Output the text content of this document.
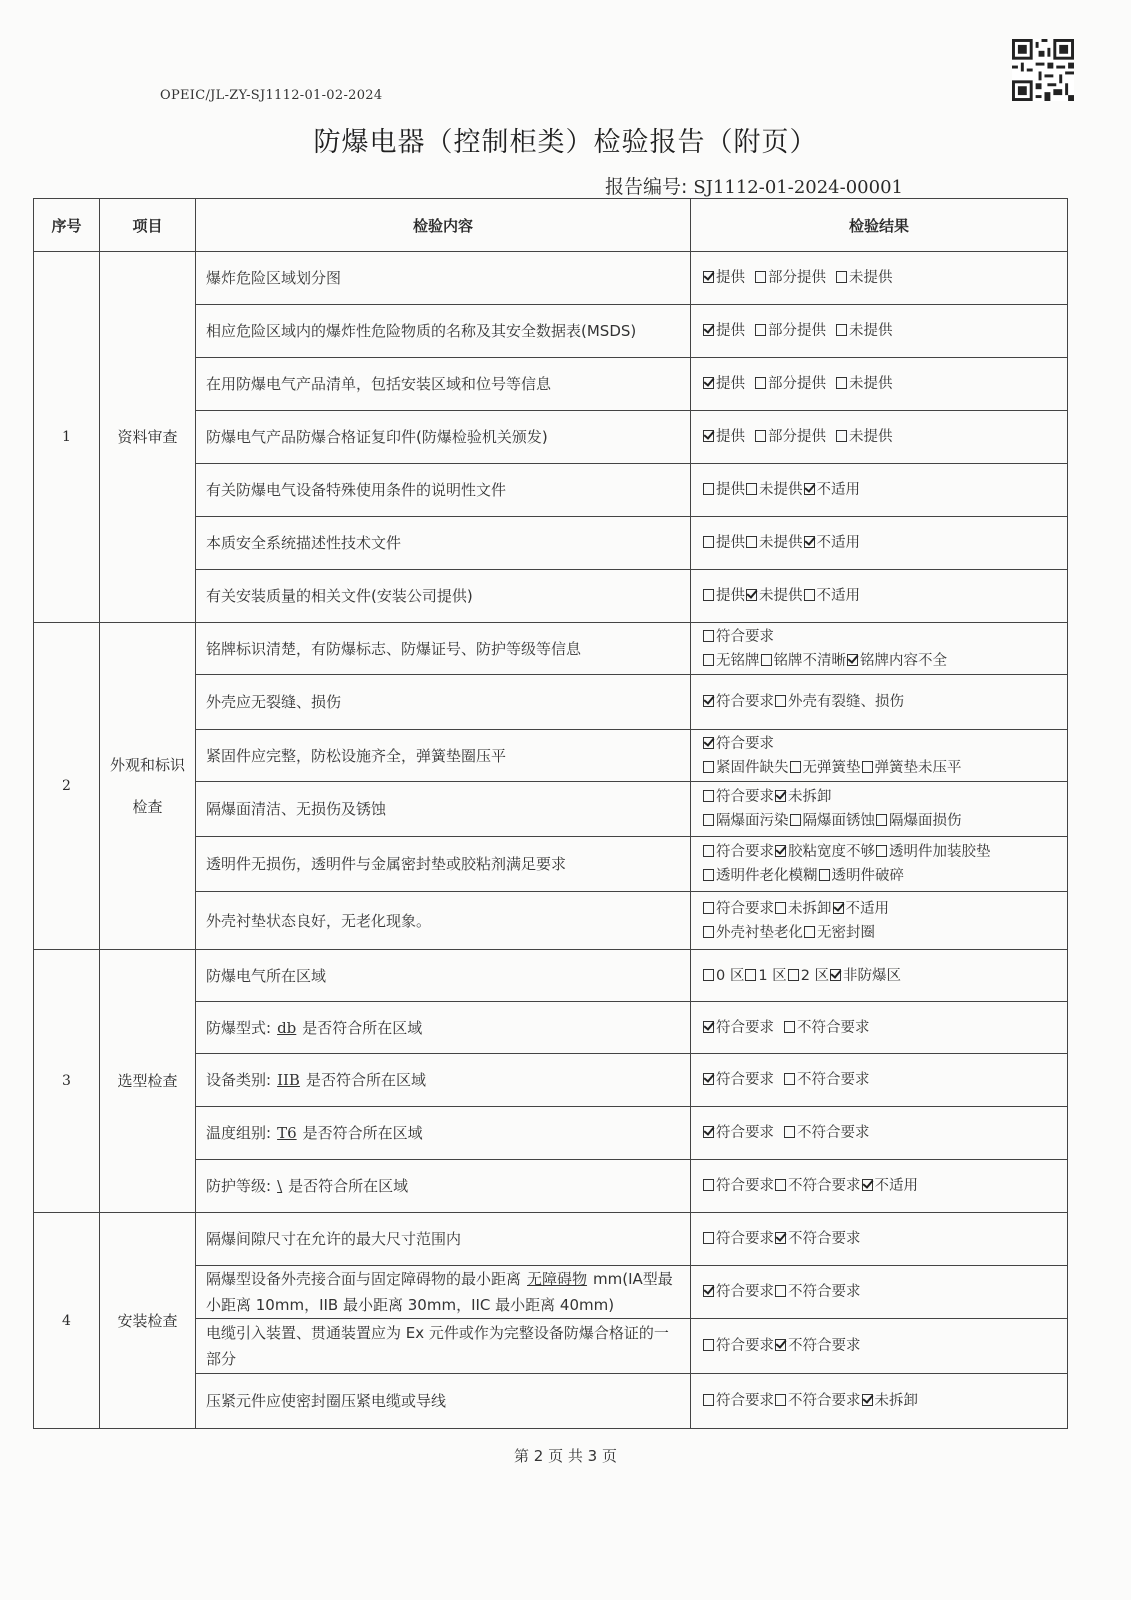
OPEIC/JL-ZY-SJ1112-01-02-2024
防爆电器（控制柜类）检验报告（附页）
报告编号: SJ1112-01-2024-00001
序号	项目	检验内容	检验结果
1	资料审查	爆炸危险区域划分图	提供 部分提供 未提供

		相应危险区域内的爆炸性危险物质的名称及其安全数据表(MSDS)	提供 部分提供 未提供

		在用防爆电气产品清单，包括安装区域和位号等信息	提供 部分提供 未提供

		防爆电气产品防爆合格证复印件(防爆检验机关颁发)	提供 部分提供 未提供

		有关防爆电气设备特殊使用条件的说明性文件	提供 未提供 不适用

		本质安全系统描述性技术文件	提供 未提供 不适用

		有关安装质量的相关文件(安装公司提供)	提供 未提供 不适用

2	外观和标识检查	铭牌标识清楚，有防爆标志、防爆证号、防护等级等信息	符合要求
无铭牌 铭牌不清晰 铭牌内容不全

		外壳应无裂缝、损伤	符合要求 外壳有裂缝、损伤

		紧固件应完整，防松设施齐全，弹簧垫圈压平	符合要求
紧固件缺失 无弹簧垫 弹簧垫未压平

		隔爆面清洁、无损伤及锈蚀	符合要求 未拆卸
隔爆面污染 隔爆面锈蚀 隔爆面损伤

		透明件无损伤，透明件与金属密封垫或胶粘剂满足要求	符合要求 胶粘宽度不够 透明件加装胶垫
透明件老化模糊 透明件破碎

		外壳衬垫状态良好，无老化现象。	符合要求 未拆卸 不适用
外壳衬垫老化 无密封圈

3	选型检查	防爆电气所在区域	0 区 1 区 2 区 非防爆区

		防爆型式: db 是否符合所在区域	符合要求 不符合要求

		设备类别: IIB 是否符合所在区域	符合要求 不符合要求

		温度组别: T6 是否符合所在区域	符合要求 不符合要求

		防护等级: \ 是否符合所在区域	符合要求 不符合要求 不适用

4	安装检查	隔爆间隙尺寸在允许的最大尺寸范围内	符合要求 不符合要求

		隔爆型设备外壳接合面与固定障碍物的最小距离 无障碍物 mm(IA型最小距离 10mm，IIB 最小距离 30mm，IIC 最小距离 40mm)	符合要求 不符合要求

		电缆引入装置、贯通装置应为 Ex 元件或作为完整设备防爆合格证的一部分	符合要求 不符合要求

		压紧元件应使密封圈压紧电缆或导线	符合要求 不符合要求 未拆卸
第 2 页 共 3 页
